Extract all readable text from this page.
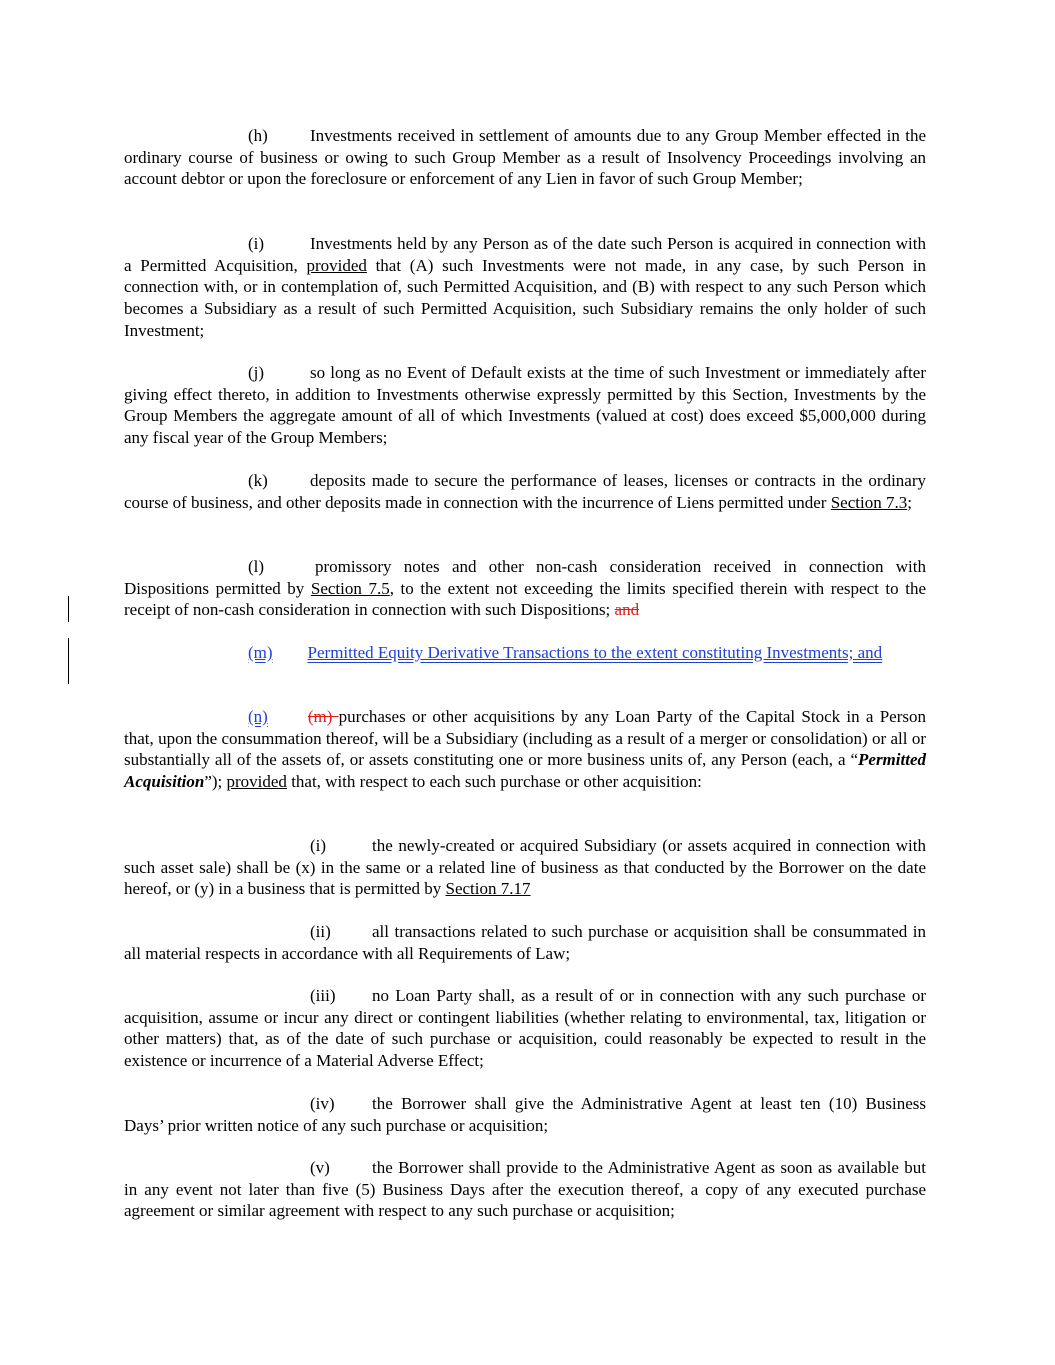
(h) Investments received in settlement of amounts due to any Group Member effected in the ordinary course of business or owing to such Group Member as a result of Insolvency Proceedings involving an account debtor or upon the foreclosure or enforcement of any Lien in favor of such Group Member;

(i)	Investments held by any Person as of the date such Person is acquired in connection with a Permitted Acquisition, provided that (A) such Investments were not made, in any case, by such Person in connection with, or in contemplation of, such Permitted Acquisition, and (B) with respect to any such Person which becomes a Subsidiary as a result of such Permitted Acquisition, such Subsidiary remains the only holder of such Investment;

(j)	so long as no Event of Default exists at the time of such Investment or immediately after giving effect thereto, in addition to Investments otherwise expressly permitted by this Section, Investments by the Group Members the aggregate amount of all of which Investments (valued at cost) does exceed $5,000,000 during any fiscal year of the Group Members;

(k) deposits made to secure the performance of leases, licenses or contracts in the ordinary course of business, and other deposits made in connection with the incurrence of Liens permitted under Section 7.3;

(l)	promissory notes and other non-cash consideration received in connection with Dispositions permitted by Section 7.5, to the extent not exceeding the limits specified therein with respect to the receipt of non-cash consideration in connection with such Dispositions; and

(m) Permitted Equity Derivative Transactions to the extent constituting Investments; and

(n) (m) purchases or other acquisitions by any Loan Party of the Capital Stock in a Person that, upon the consummation thereof, will be a Subsidiary (including as a result of a merger or consolidation) or all or substantially all of the assets of, or assets constituting one or more business units of, any Person (each, a “Permitted Acquisition”); provided that, with respect to each such purchase or other acquisition:

(i)	the newly-created or acquired Subsidiary (or assets acquired in connection with such asset sale) shall be (x) in the same or a related line of business as that conducted by the Borrower on the date hereof, or (y) in a business that is permitted by Section 7.17

(ii) all transactions related to such purchase or acquisition shall be consummated in all material respects in accordance with all Requirements of Law;

(iii) no Loan Party shall, as a result of or in connection with any such purchase or acquisition, assume or incur any direct or contingent liabilities (whether relating to environmental, tax, litigation or other matters) that, as of the date of such purchase or acquisition, could reasonably be expected to result in the existence or incurrence of a Material Adverse Effect;

(iv) the Borrower shall give the Administrative Agent at least ten (10) Business Days’ prior written notice of any such purchase or acquisition;

(v) the Borrower shall provide to the Administrative Agent as soon as available but in any event not later than five (5) Business Days after the execution thereof, a copy of any executed purchase agreement or similar agreement with respect to any such purchase or acquisition;
